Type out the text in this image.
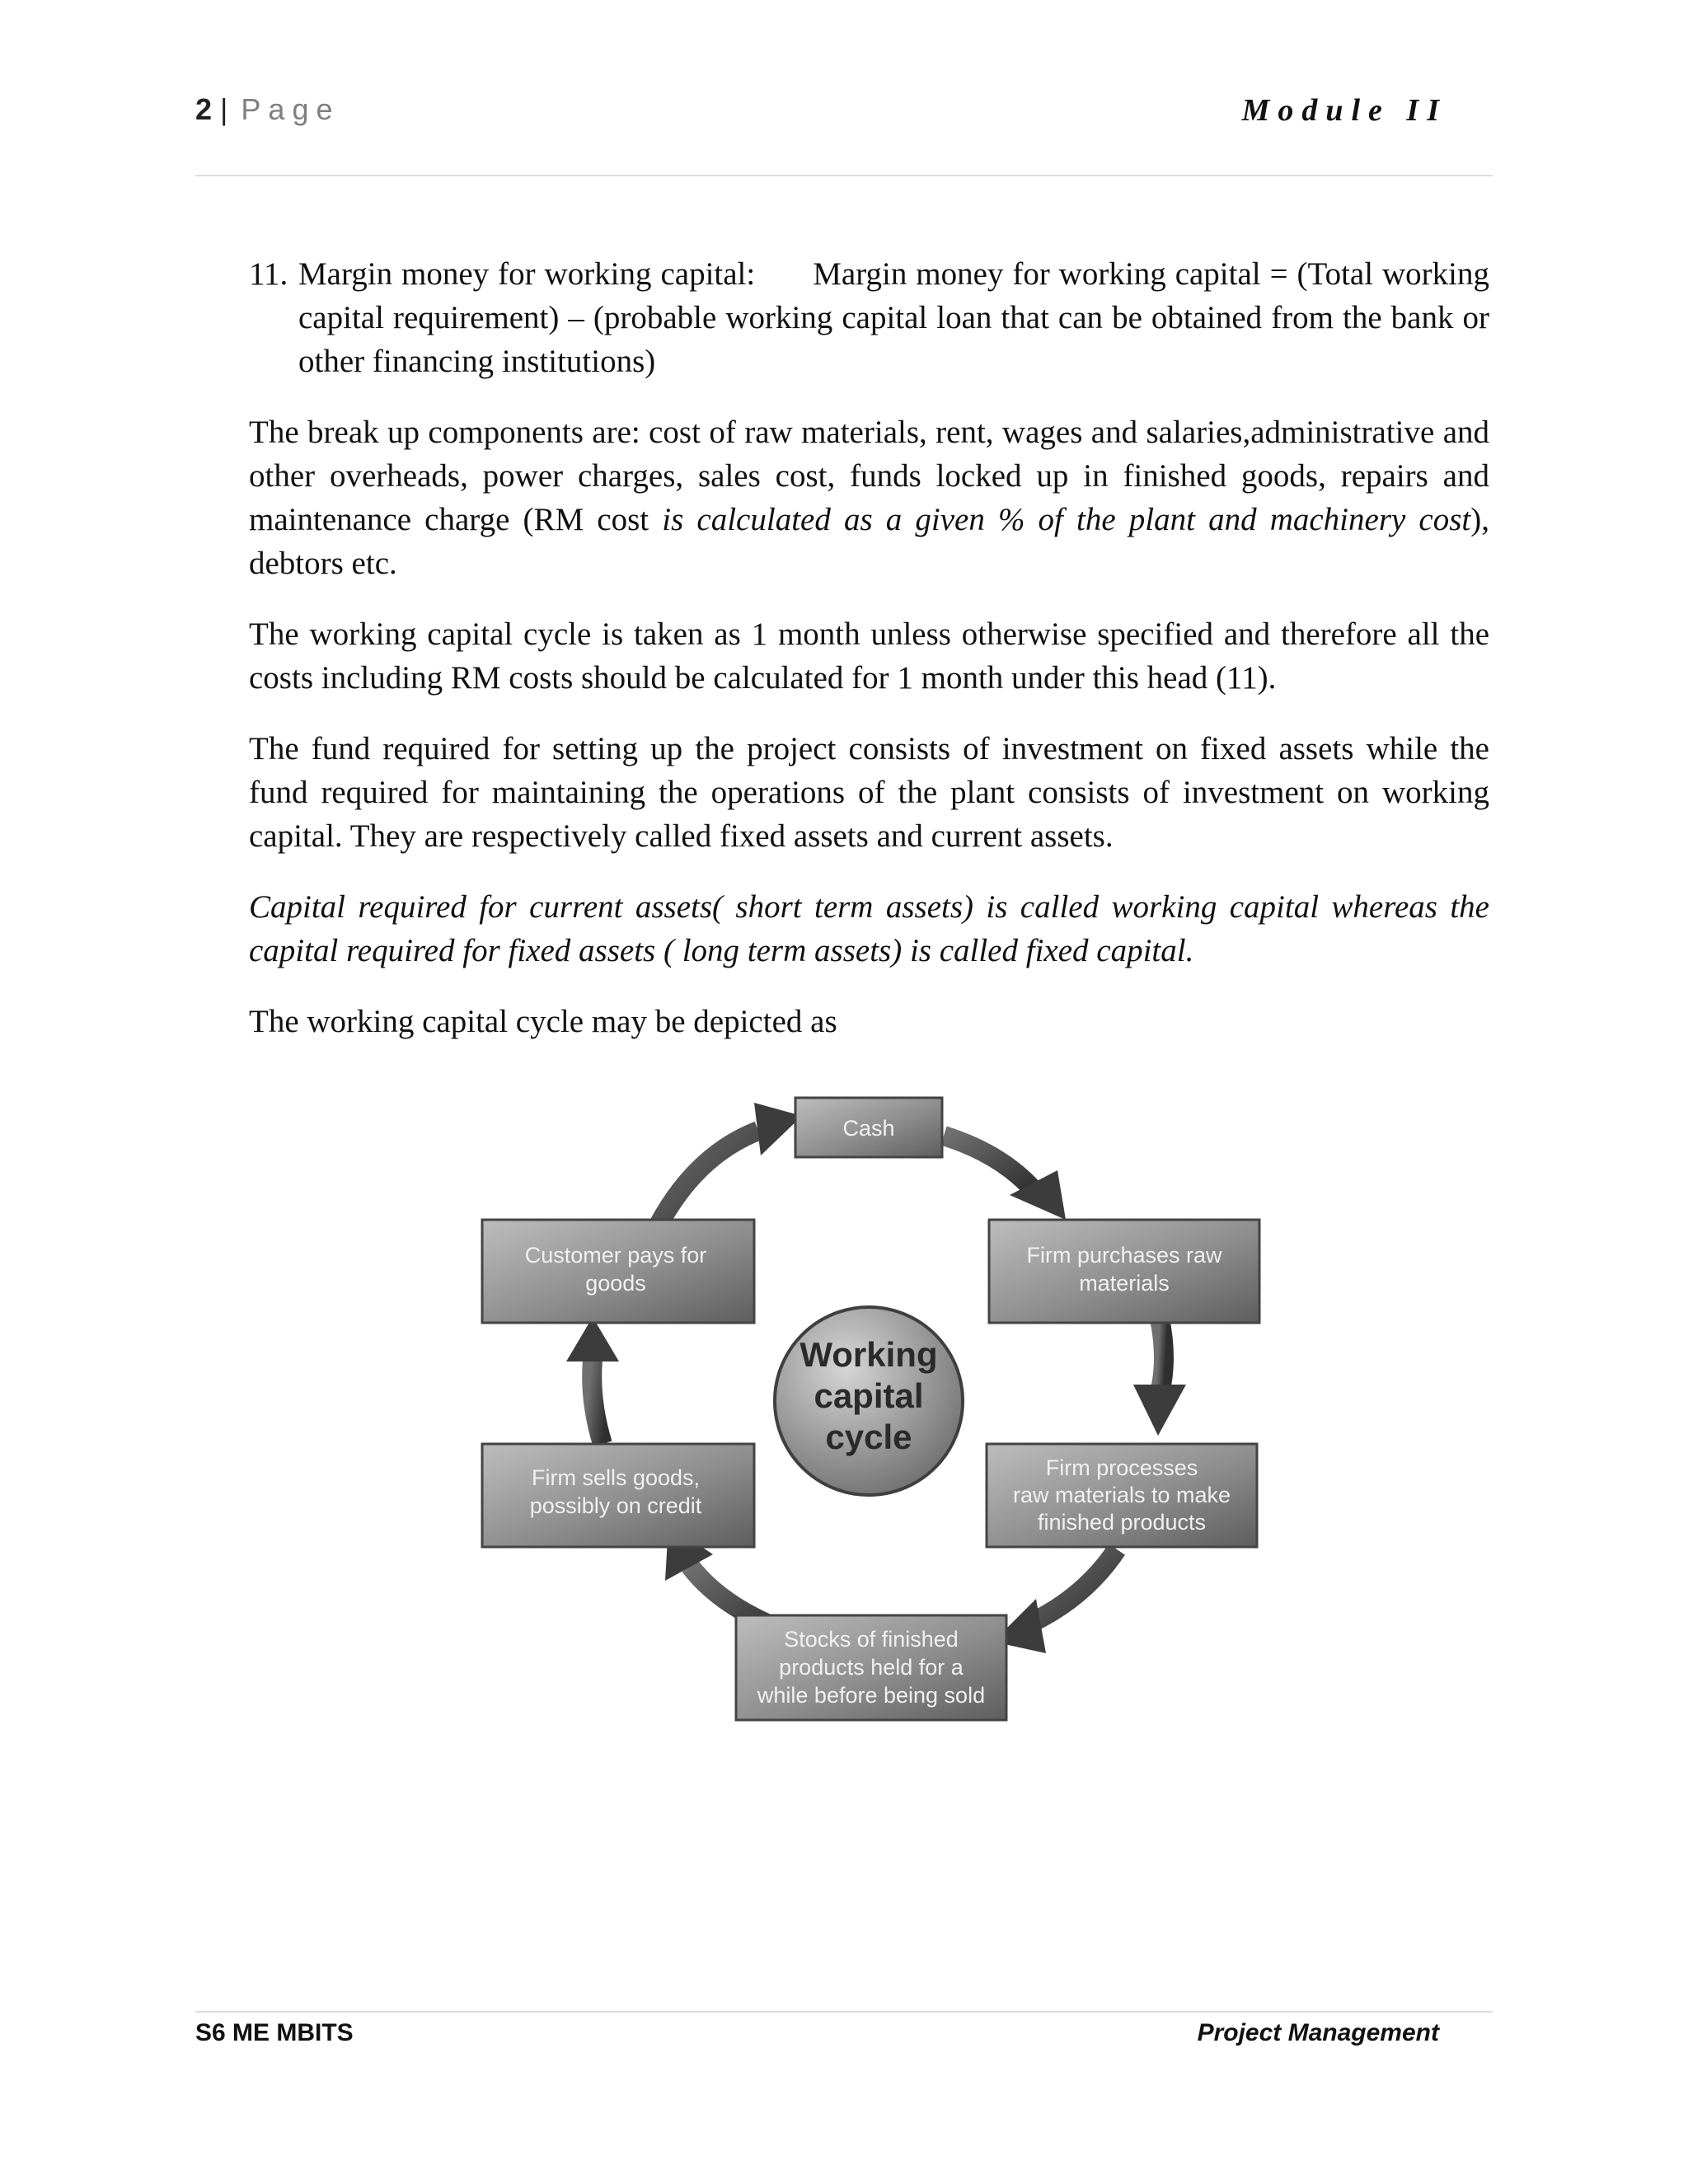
2 | Page	Module II
11. Margin money for working capital: Margin money for working capital = (Total working capital requirement) – (probable working capital loan that can be obtained from the bank or other financing institutions)

The break up components are: cost of raw materials, rent, wages and salaries,administrative and other overheads, power charges, sales cost, funds locked up in finished goods, repairs and maintenance charge (RM cost is calculated as a given % of the plant and machinery cost), debtors etc.

The working capital cycle is taken as 1 month unless otherwise specified and therefore all the costs including RM costs should be calculated for 1 month under this head (11).

The fund required for setting up the project consists of investment on fixed assets while the fund required for maintaining the operations of the plant consists of investment on working capital. They are respectively called fixed assets and current assets.

Capital required for current assets( short term assets) is called working capital whereas the capital required for fixed assets ( long term assets) is called fixed capital.

The working capital cycle may be depicted as

Cash
Firm purchases raw
materials
Firm processes
raw materials to make
finished products
Stocks of finished
products held for a
while before being sold
Firm sells goods,
possibly on credit
Customer pays for
goods
Working
capital
cycle
S6 ME MBITS	Project Management
